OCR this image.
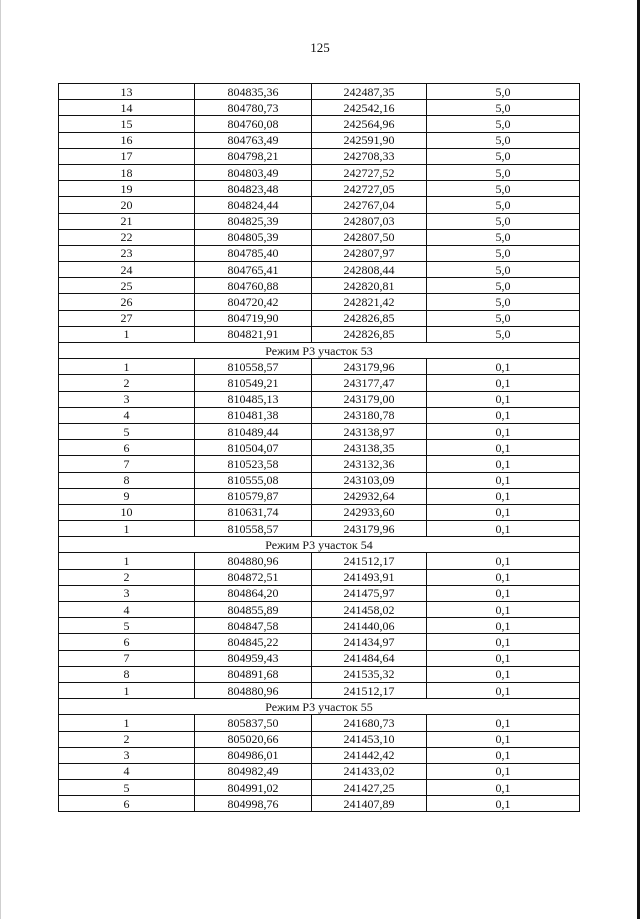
125
13	804835,36	242487,35	5,0
14	804780,73	242542,16	5,0
15	804760,08	242564,96	5,0
16	804763,49	242591,90	5,0
17	804798,21	242708,33	5,0
18	804803,49	242727,52	5,0
19	804823,48	242727,05	5,0
20	804824,44	242767,04	5,0
21	804825,39	242807,03	5,0
22	804805,39	242807,50	5,0
23	804785,40	242807,97	5,0
24	804765,41	242808,44	5,0
25	804760,88	242820,81	5,0
26	804720,42	242821,42	5,0
27	804719,90	242826,85	5,0
1	804821,91	242826,85	5,0
Режим Р3 участок 53			
1	810558,57	243179,96	0,1
2	810549,21	243177,47	0,1
3	810485,13	243179,00	0,1
4	810481,38	243180,78	0,1
5	810489,44	243138,97	0,1
6	810504,07	243138,35	0,1
7	810523,58	243132,36	0,1
8	810555,08	243103,09	0,1
9	810579,87	242932,64	0,1
10	810631,74	242933,60	0,1
1	810558,57	243179,96	0,1
Режим Р3 участок 54			
1	804880,96	241512,17	0,1
2	804872,51	241493,91	0,1
3	804864,20	241475,97	0,1
4	804855,89	241458,02	0,1
5	804847,58	241440,06	0,1
6	804845,22	241434,97	0,1
7	804959,43	241484,64	0,1
8	804891,68	241535,32	0,1
1	804880,96	241512,17	0,1
Режим Р3 участок 55			
1	805837,50	241680,73	0,1
2	805020,66	241453,10	0,1
3	804986,01	241442,42	0,1
4	804982,49	241433,02	0,1
5	804991,02	241427,25	0,1
6	804998,76	241407,89	0,1
